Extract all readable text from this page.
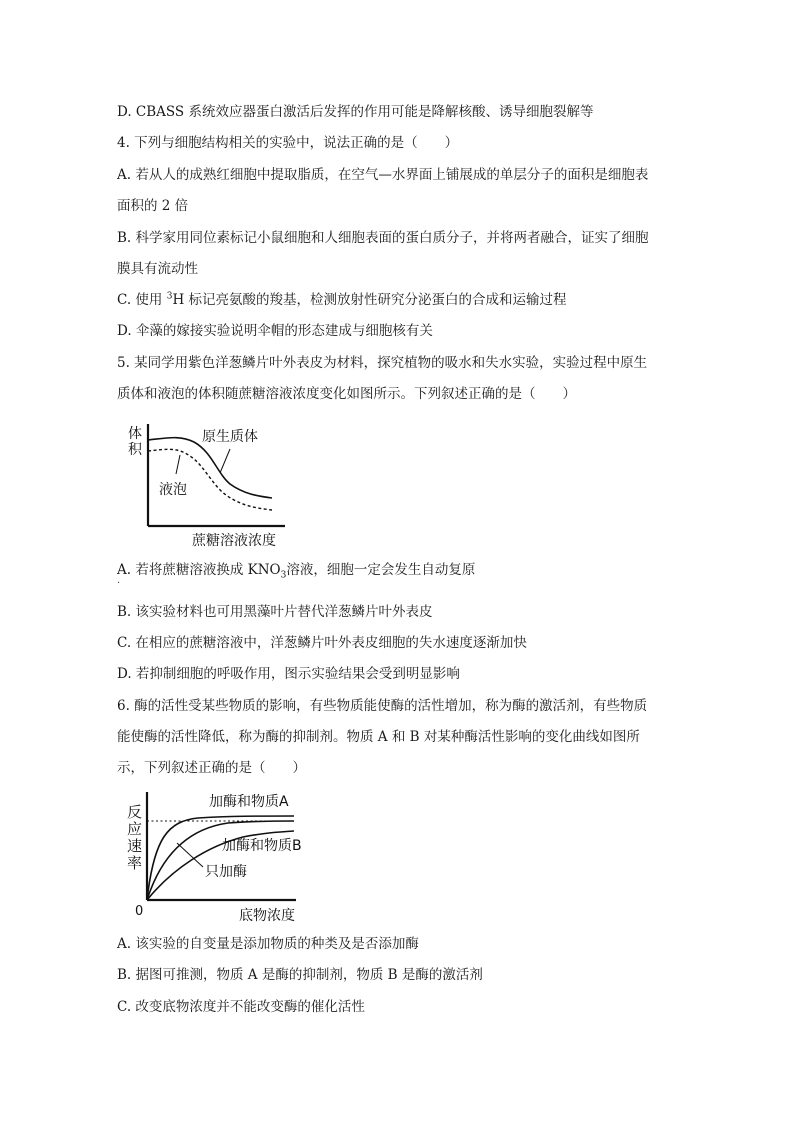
D. CBASS 系统效应器蛋白激活后发挥的作用可能是降解核酸、诱导细胞裂解等
4. 下列与细胞结构相关的实验中，说法正确的是（　　）
A. 若从人的成熟红细胞中提取脂质，在空气—水界面上铺展成的单层分子的面积是细胞表
面积的 2 倍
B. 科学家用同位素标记小鼠细胞和人细胞表面的蛋白质分子，并将两者融合，证实了细胞
膜具有流动性
C. 使用 $^3$H 标记亮氨酸的羧基，检测放射性研究分泌蛋白的合成和运输过程
D. 伞藻的嫁接实验说明伞帽的形态建成与细胞核有关
5. 某同学用紫色洋葱鳞片叶外表皮为材料，探究植物的吸水和失水实验，实验过程中原生
质体和液泡的体积随蔗糖溶液浓度变化如图所示。下列叙述正确的是（　　）
体
积
原生质体
液泡
蔗糖溶液浓度
A. 若将蔗糖溶液换成 $KNO_3$溶液，细胞一定会发生自动复原
·
B. 该实验材料也可用黑藻叶片替代洋葱鳞片叶外表皮
C. 在相应的蔗糖溶液中，洋葱鳞片叶外表皮细胞的失水速度逐渐加快
D. 若抑制细胞的呼吸作用，图示实验结果会受到明显影响
6. 酶的活性受某些物质的影响，有些物质能使酶的活性增加，称为酶的激活剂，有些物质
能使酶的活性降低，称为酶的抑制剂。物质 A 和 B 对某种酶活性影响的变化曲线如图所
示，下列叙述正确的是（　　）
反
应
速
率
0
加酶和物质A
加酶和物质B
只加酶
底物浓度
A. 该实验的自变量是添加物质的种类及是否添加酶
B. 据图可推测，物质 A 是酶的抑制剂，物质 B 是酶的激活剂
C. 改变底物浓度并不能改变酶的催化活性
